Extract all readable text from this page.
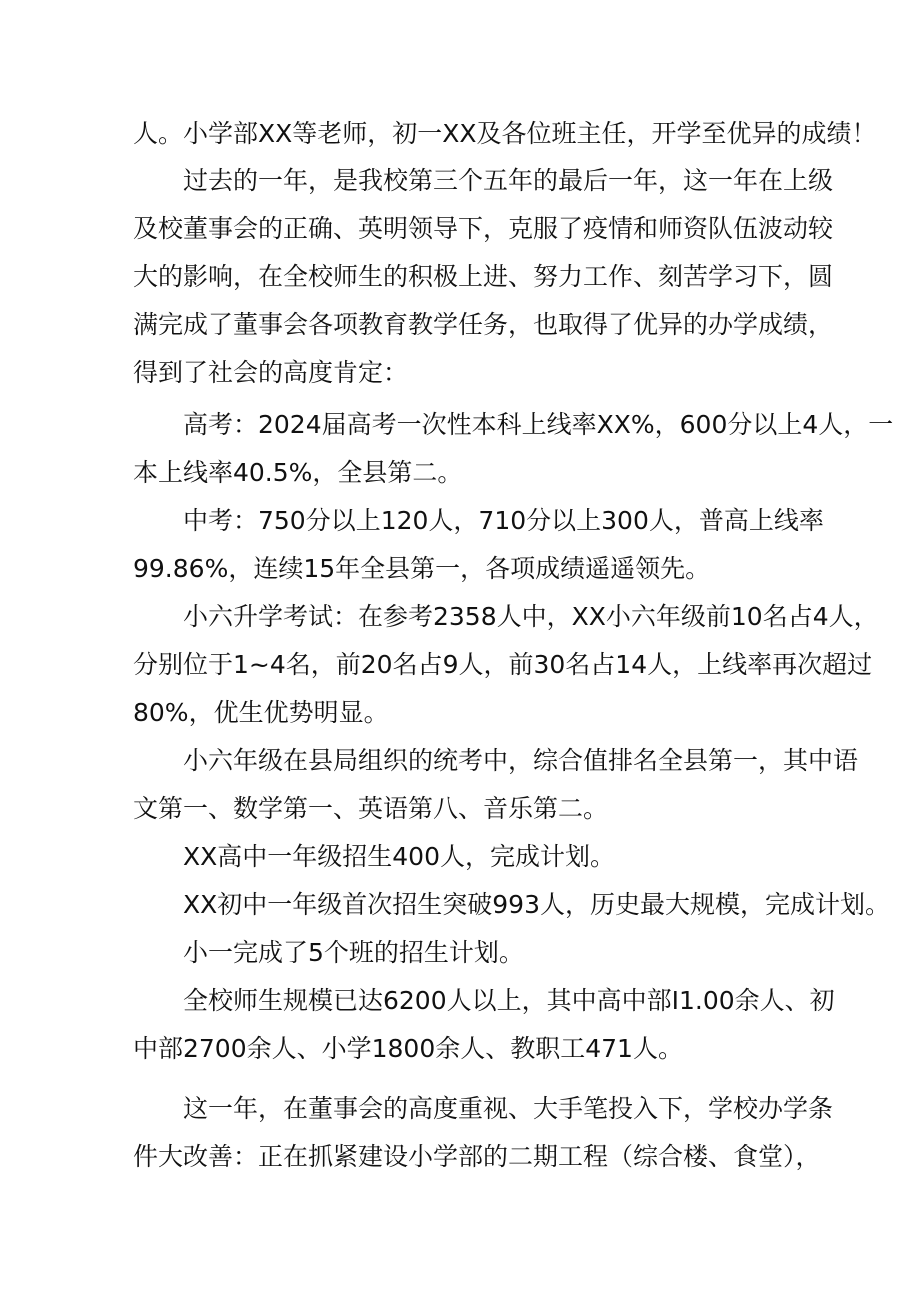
人。小学部XX等老师，初一XX及各位班主任，开学至优异的成绩！
过去的一年，是我校第三个五年的最后一年，这一年在上级
及校董事会的正确、英明领导下，克服了疫情和师资队伍波动较
大的影响，在全校师生的积极上进、努力工作、刻苦学习下，圆
满完成了董事会各项教育教学任务，也取得了优异的办学成绩，
得到了社会的高度肯定：
高考：2024届高考一次性本科上线率XX%，600分以上4人，一
本上线率40.5%，全县第二。
中考：750分以上120人，710分以上300人，普高上线率
99.86%，连续15年全县第一，各项成绩遥遥领先。
小六升学考试：在参考2358人中，XX小六年级前10名占4人，
分别位于1~4名，前20名占9人，前30名占14人，上线率再次超过
80%，优生优势明显。
小六年级在县局组织的统考中，综合值排名全县第一，其中语
文第一、数学第一、英语第八、音乐第二。
XX高中一年级招生400人，完成计划。
XX初中一年级首次招生突破993人，历史最大规模，完成计划。
小一完成了5个班的招生计划。
全校师生规模已达6200人以上，其中高中部I1.00余人、初
中部2700余人、小学1800余人、教职工471人。
这一年，在董事会的高度重视、大手笔投入下，学校办学条
件大改善：正在抓紧建设小学部的二期工程（综合楼、食堂），
